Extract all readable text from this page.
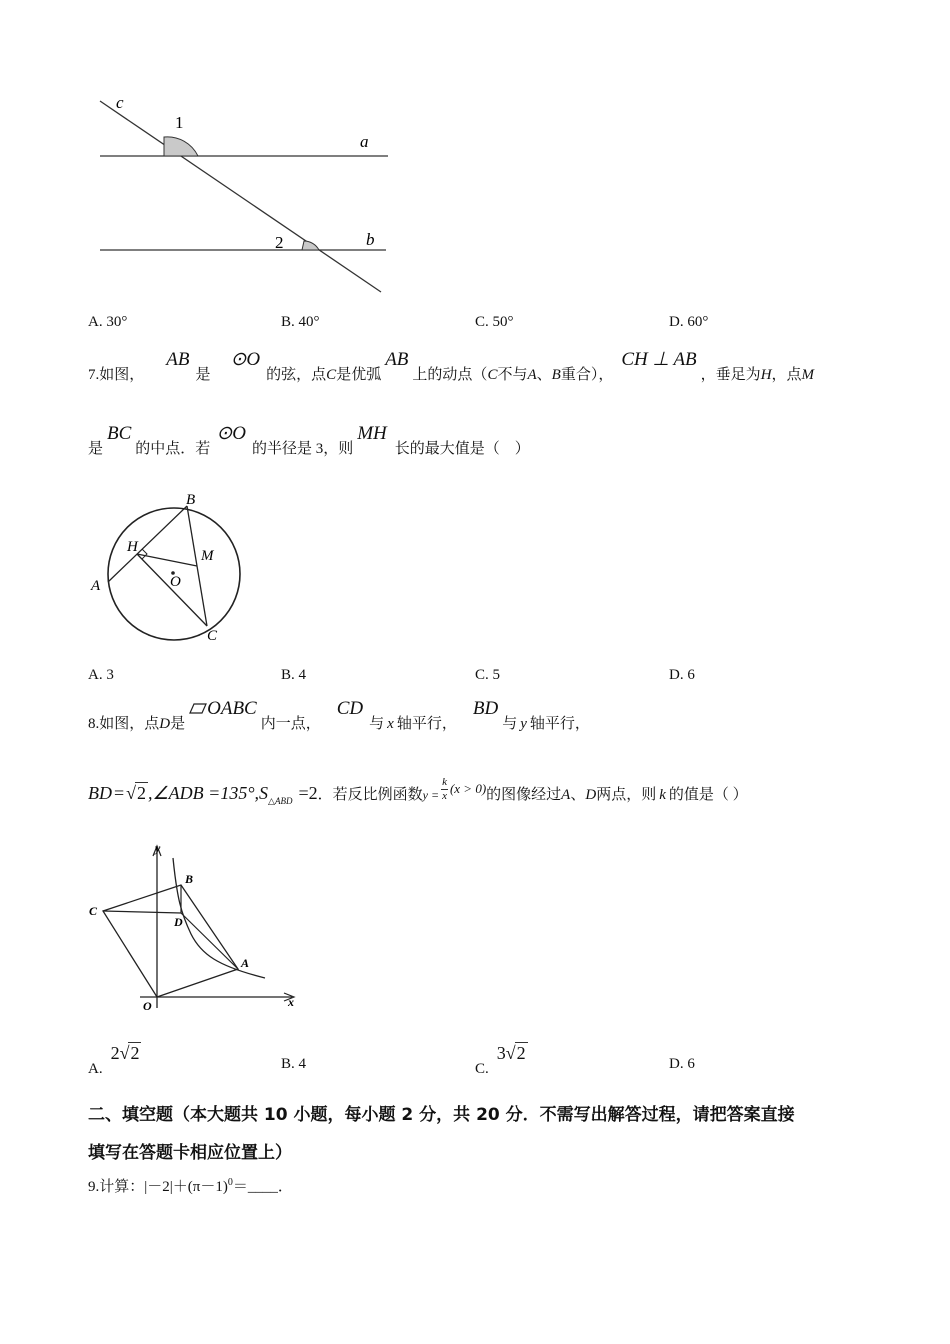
c
1
a
2	b
A. 30°	B. 40°	C. 50°	D. 60°
7.如图，AB是⊙O的弦，点C是优弧AB上的动点（C不与A、B重合），CH ⊥ AB，垂足为H，点M
是BC的中点．若⊙O的半径是 3，则MH长的最大值是（　）
A
B
C
H
M
O
A. 3	B. 4	C. 5	D. 6
8.如图，点D是OABC内一点，CD与 x 轴平行，BD与 y 轴平行，
BD = √2 ,∠ADB $=135^\circ,S_{\triangle ABD} =2$．若反比例函数$y = \frac{k}{x} (x > 0)$的图像经过A、D两点，则 k 的值是（ ）
y
x
B
C
D
A
O
A.2√2
B. 4	C.3√2
D. 6
二、填空题（本大题共 10 小题，每小题 2 分，共 20 分．不需写出解答过程，请把答案直接
填写在答题卡相应位置上）
9.计算：$|-2|+(\pi-1)^0=\_\_\_\_$．
